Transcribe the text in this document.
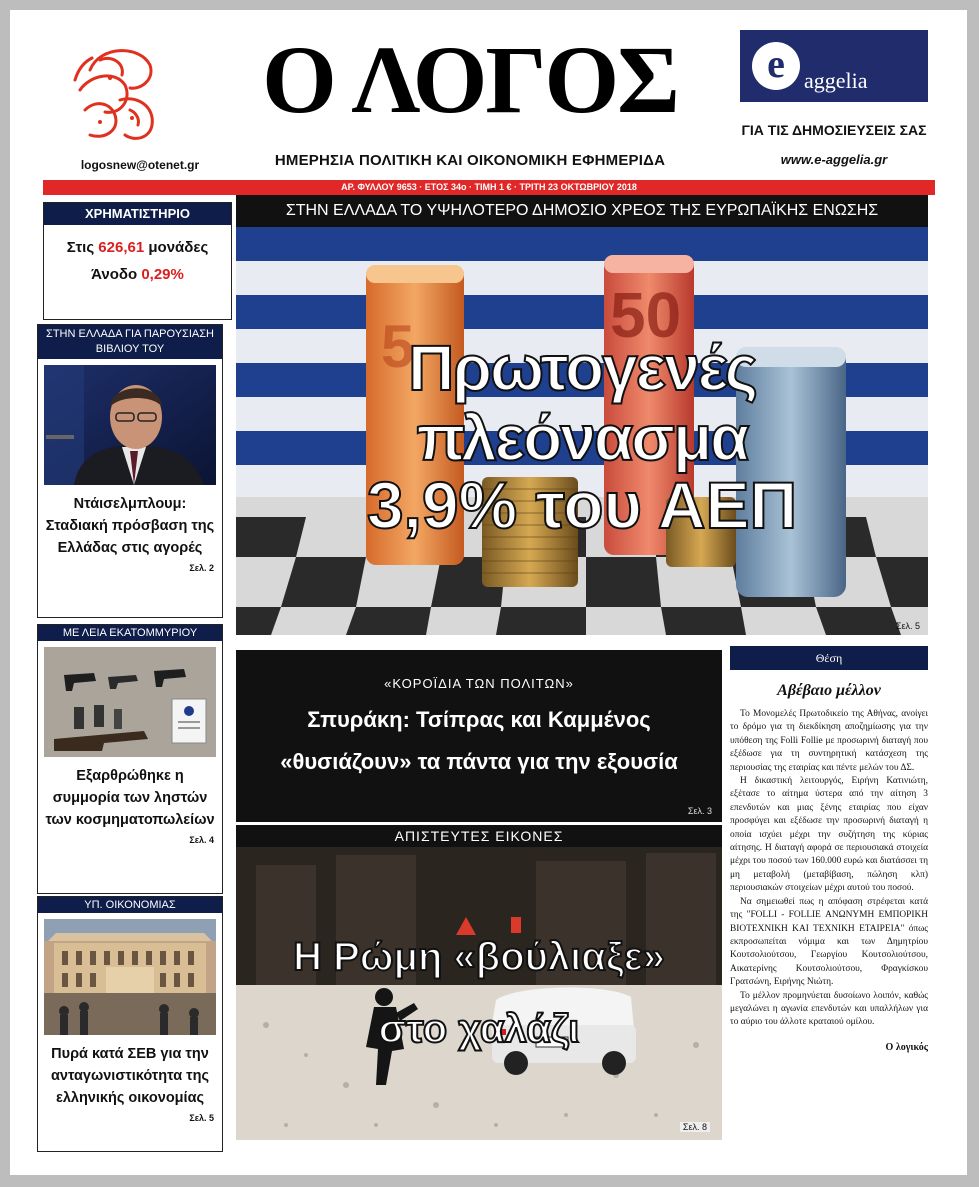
logosnew@otenet.gr
Ο ΛΟΓΟΣ
ΗΜΕΡΗΣΙΑ ΠΟΛΙΤΙΚΗ ΚΑΙ ΟΙΚΟΝΟΜΙΚΗ ΕΦΗΜΕΡΙΔΑ
e aggelia
ΓΙΑ ΤΙΣ ΔΗΜΟΣΙΕΥΣΕΙΣ ΣΑΣ
www.e-aggelia.gr
ΑΡ. ΦΥΛΛΟΥ 9653 · ΕΤΟΣ 34ο · ΤΙΜΗ 1 € · ΤΡΙΤΗ 23 ΟΚΤΩΒΡΙΟΥ 2018
ΧΡΗΜΑΤΙΣΤΗΡΙΟ
Στις 626,61 μονάδες
Άνοδο 0,29%
ΣΤΗΝ ΕΛΛΑΔΑ ΓΙΑ ΠΑΡΟΥΣΙΑΣΗ ΒΙΒΛΙΟΥ ΤΟΥ
Ντάισελμπλουμ: Σταδιακή πρόσβαση της Ελλάδας στις αγορές
Σελ. 2
ΜΕ ΛΕΙΑ ΕΚΑΤΟΜΜΥΡΙΟΥ
Εξαρθρώθηκε η συμμορία των ληστών των κοσμηματοπωλείων
Σελ. 4
ΥΠ. ΟΙΚΟΝΟΜΙΑΣ
Πυρά κατά ΣΕΒ για την ανταγωνιστικότητα της ελληνικής οικονομίας
Σελ. 5
ΣΤΗΝ ΕΛΛΑΔΑ ΤΟ ΥΨΗΛΟΤΕΡΟ ΔΗΜΟΣΙΟ ΧΡΕΟΣ ΤΗΣ ΕΥΡΩΠΑΪΚΗΣ ΕΝΩΣΗΣ
5	50
Πρωτογενές πλεόνασμα
3,9% του ΑΕΠ
Σελ. 5
«ΚΟΡΟΪΔΙΑ ΤΩΝ ΠΟΛΙΤΩΝ»
Σπυράκη: Τσίπρας και Καμμένος
«θυσιάζουν» τα πάντα για την εξουσία
Σελ. 3
ΑΠΙΣΤΕΥΤΕΣ ΕΙΚΟΝΕΣ
Η Ρώμη «βούλιαξε»
στο χαλάζι
Σελ. 8
Θέση
Αβέβαιο μέλλον

Το Μονομελές Πρωτοδικείο της Αθήνας, ανοίγει το δρόμο για τη διεκδίκηση αποζημίωσης για την υπόθεση της Folli Follie με προσωρινή διαταγή που εξέδωσε για τη συντηρητική κατάσχεση της περιουσίας της εταιρίας και πέντε μελών του ΔΣ.

Η δικαστική λειτουργός, Ειρήνη Κατινιώτη, εξέτασε το αίτημα ύστερα από την αίτηση 3 επενδυτών και μιας ξένης εταιρίας που είχαν προσφύγει και εξέδωσε την προσωρινή διαταγή η οποία ισχύει μέχρι την συζήτηση της κύριας αίτησης. Η διαταγή αφορά σε περιουσιακά στοιχεία μέχρι του ποσού των 160.000 ευρώ και διατάσσει τη μη μεταβολή (μεταβίβαση, πώληση κλπ) περιουσιακών στοιχείων μέχρι αυτού του ποσού.

Να σημειωθεί πως η απόφαση στρέφεται κατά της "FOLLI - FOLLIE ΑΝΩΝΥΜΗ ΕΜΠΟΡΙΚΗ ΒΙΟΤΕΧΝΙΚΗ ΚΑΙ ΤΕΧΝΙΚΗ ΕΤΑΙΡΕΙΑ" όπως εκπροσωπείται νόμιμα και των Δημητρίου Κουτσολιούτσου, Γεωργίου Κουτσολιούτσου, Αικατερίνης Κουτσολιούτσου, Φραγκίσκου Γρατσώνη, Ειρήνης Νιώτη.

Το μέλλον προμηνύεται δυσοίωνο λοιπόν, καθώς μεγαλώνει η αγωνία επενδυτών και υπαλλήλων για το αύριο του άλλοτε κραταιού ομίλου.

Ο λογικός
